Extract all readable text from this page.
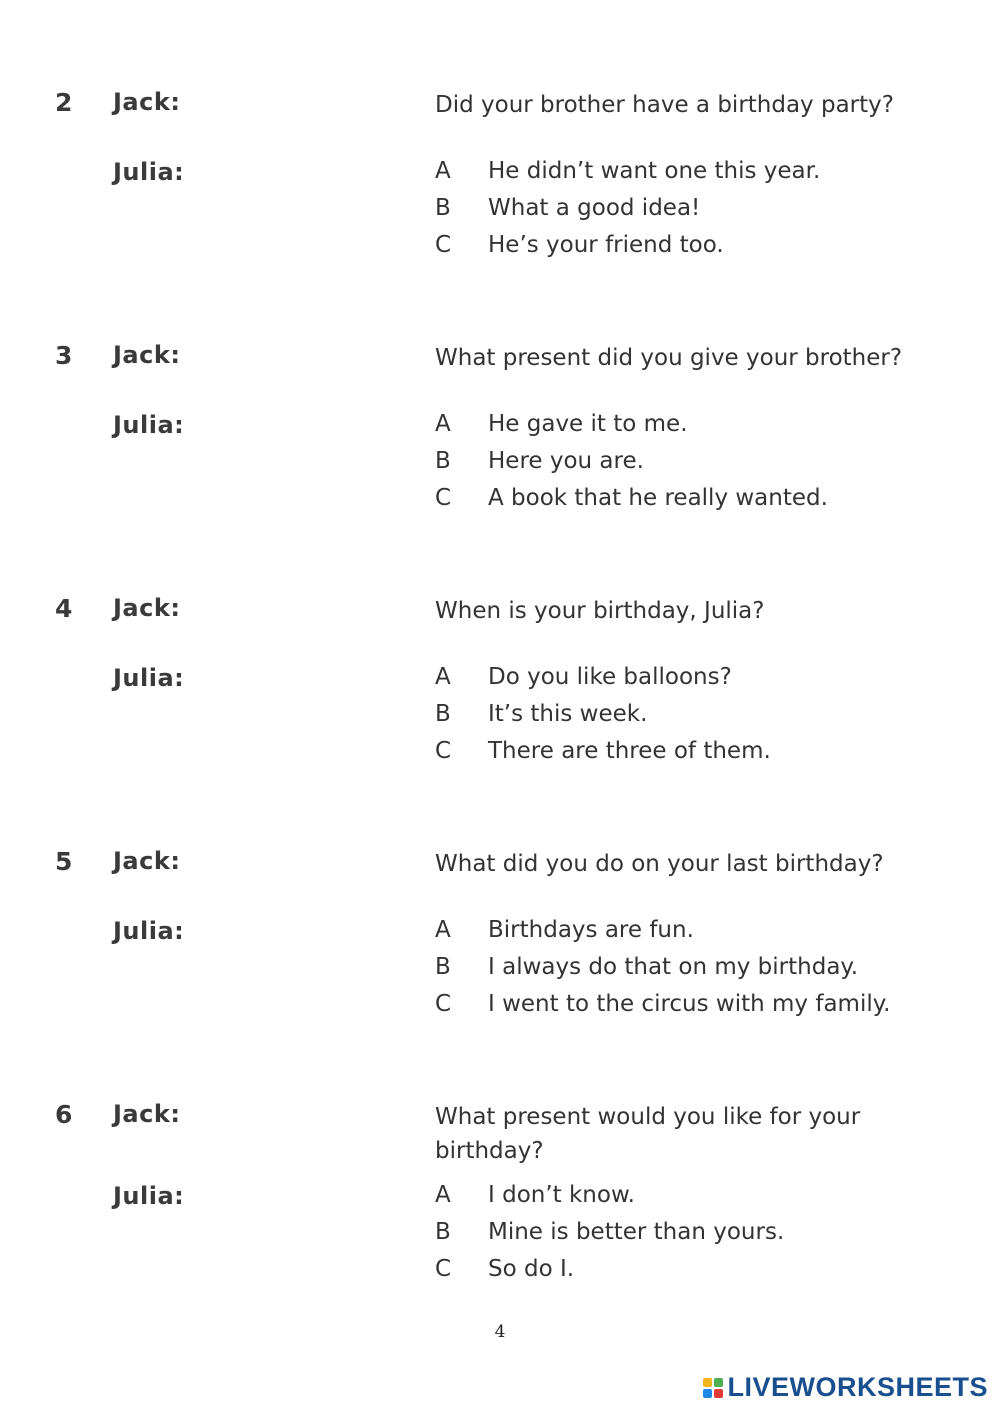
2 Jack:	Did your brother have a birthday party?
Julia:	A He didn’t want one this year.
B What a good idea!
C He’s your friend too.
3 Jack:	What present did you give your brother?
Julia:	A He gave it to me.
B Here you are.
C A book that he really wanted.
4 Jack:	When is your birthday, Julia?
Julia:	A Do you like balloons?
B It’s this week.
C There are three of them.
5 Jack:	What did you do on your last birthday?
Julia:	A Birthdays are fun.
B I always do that on my birthday.
C I went to the circus with my family.
6 Jack:	What present would you like for your birthday?
Julia:	A I don’t know.
B Mine is better than yours.
C So do I.
4
LIVEWORKSHEETS
